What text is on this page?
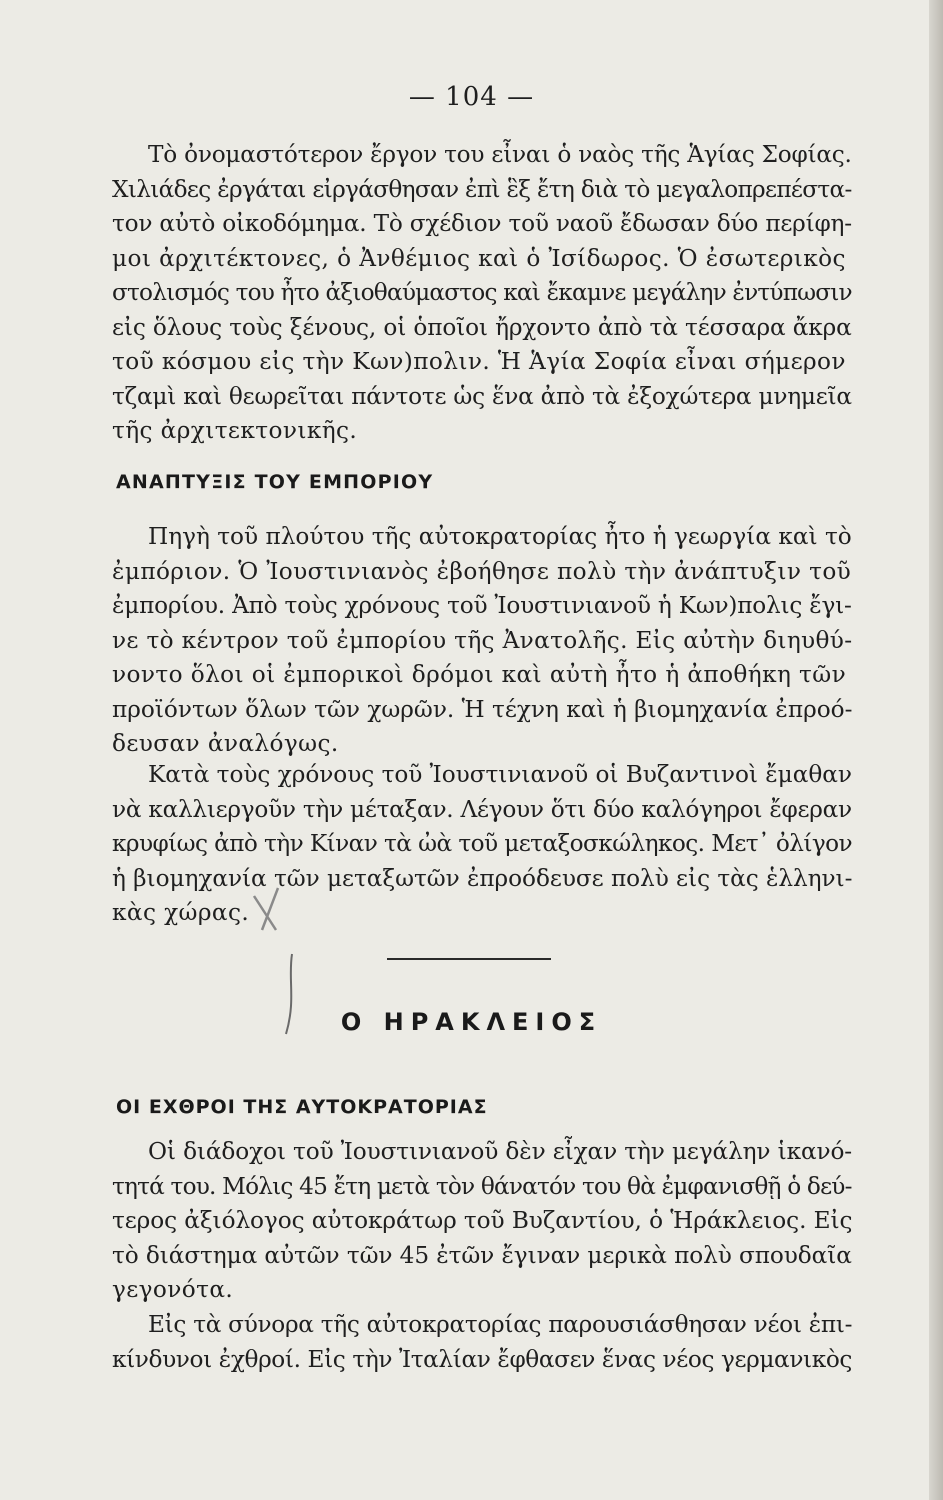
— 104 —

Τὸ ὀνομαστότερον ἔργον του εἶναι ὁ ναὸς τῆς Ἁγίας Σοφίας.
Χιλιάδες ἐργάται εἰργάσθησαν ἐπὶ ἓξ ἔτη διὰ τὸ μεγαλοπρεπέστα-
τον αὐτὸ οἰκοδόμημα. Τὸ σχέδιον τοῦ ναοῦ ἔδωσαν δύο περίφη-
μοι ἀρχιτέκτονες, ὁ Ἀνθέμιος καὶ ὁ Ἰσίδωρος. Ὁ ἐσωτερικὸς
στολισμός του ἦτο ἀξιοθαύμαστος καὶ ἔκαμνε μεγάλην ἐντύπωσιν
εἰς ὅλους τοὺς ξένους, οἱ ὁποῖοι ἤρχοντο ἀπὸ τὰ τέσσαρα ἄκρα
τοῦ κόσμου εἰς τὴν Κων)πολιν. Ἡ Ἁγία Σοφία εἶναι σήμερον
τζαμὶ καὶ θεωρεῖται πάντοτε ὡς ἕνα ἀπὸ τὰ ἐξοχώτερα μνημεῖα
τῆς ἀρχιτεκτονικῆς.

ΑΝΑΠΤΥΞΙΣ ΤΟΥ ΕΜΠΟΡΙΟΥ

Πηγὴ τοῦ πλούτου τῆς αὐτοκρατορίας ἦτο ἡ γεωργία καὶ τὸ
ἐμπόριον. Ὁ Ἰουστινιανὸς ἐβοήθησε πολὺ τὴν ἀνάπτυξιν τοῦ
ἐμπορίου. Ἀπὸ τοὺς χρόνους τοῦ Ἰουστινιανοῦ ἡ Κων)πολις ἔγι-
νε τὸ κέντρον τοῦ ἐμπορίου τῆς Ἀνατολῆς. Εἰς αὐτὴν διηυθύ-
νοντο ὅλοι οἱ ἐμπορικοὶ δρόμοι καὶ αὐτὴ ἦτο ἡ ἀποθήκη τῶν
προϊόντων ὅλων τῶν χωρῶν. Ἡ τέχνη καὶ ἡ βιομηχανία ἐπροό-
δευσαν ἀναλόγως.

Κατὰ τοὺς χρόνους τοῦ Ἰουστινιανοῦ οἱ Βυζαντινοὶ ἔμαθαν
νὰ καλλιεργοῦν τὴν μέταξαν. Λέγουν ὅτι δύο καλόγηροι ἔφεραν
κρυφίως ἀπὸ τὴν Κίναν τὰ ὠὰ τοῦ μεταξοσκώληκος. Μετ᾿ ὀλίγον
ἡ βιομηχανία τῶν μεταξωτῶν ἐπροόδευσε πολὺ εἰς τὰς ἑλληνι-
κὰς χώρας.

Ο ΗΡΑΚΛΕΙΟΣ
ΟΙ ΕΧΘΡΟΙ ΤΗΣ ΑΥΤΟΚΡΑΤΟΡΙΑΣ

Οἱ διάδοχοι τοῦ Ἰουστινιανοῦ δὲν εἶχαν τὴν μεγάλην ἱκανό-
τητά του. Μόλις 45 ἔτη μετὰ τὸν θάνατόν του θὰ ἐμφανισθῇ ὁ δεύ-
τερος ἀξιόλογος αὐτοκράτωρ τοῦ Βυζαντίου, ὁ Ἡράκλειος. Εἰς
τὸ διάστημα αὐτῶν τῶν 45 ἐτῶν ἔγιναν μερικὰ πολὺ σπουδαῖα
γεγονότα.

Εἰς τὰ σύνορα τῆς αὐτοκρατορίας παρουσιάσθησαν νέοι ἐπι-
κίνδυνοι ἐχθροί. Εἰς τὴν Ἰταλίαν ἔφθασεν ἕνας νέος γερμανικὸς
